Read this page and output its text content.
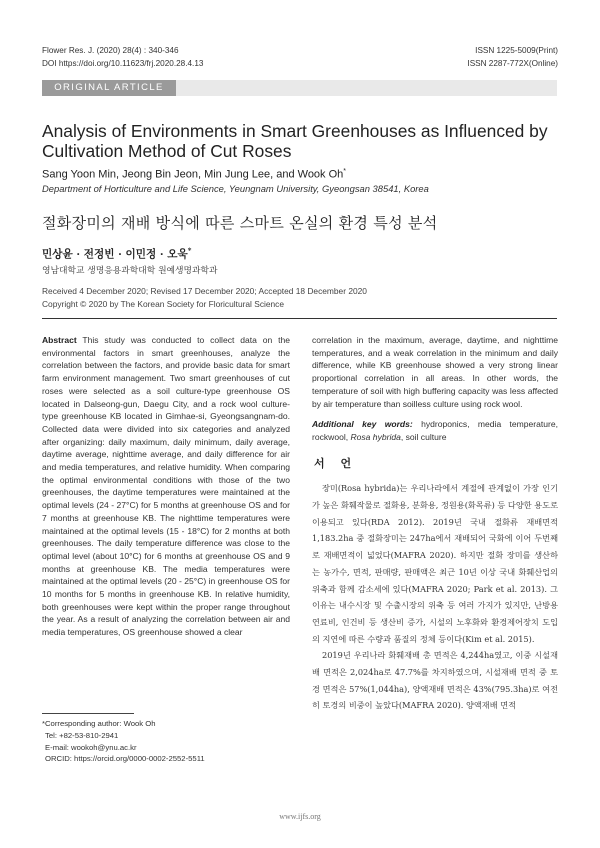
Flower Res. J. (2020) 28(4) : 340-346
DOI https://doi.org/10.11623/frj.2020.28.4.13
ISSN 1225-5009(Print)
ISSN 2287-772X(Online)
ORIGINAL ARTICLE
Analysis of Environments in Smart Greenhouses as Influenced by Cultivation Method of Cut Roses
Sang Yoon Min, Jeong Bin Jeon, Min Jung Lee, and Wook Oh*
Department of Horticulture and Life Science, Yeungnam University, Gyeongsan 38541, Korea
절화장미의 재배 방식에 따른 스마트 온실의 환경 특성 분석
민상윤 · 전정빈 · 이민정 · 오욱*
영남대학교 생명응용과학대학 원예생명과학과
Received 4 December 2020; Revised 17 December 2020; Accepted 18 December 2020
Copyright © 2020 by The Korean Society for Floricultural Science
Abstract This study was conducted to collect data on the environmental factors in smart greenhouses, analyze the correlation between the factors, and provide basic data for smart farm environment management. Two smart greenhouses of cut roses were selected as a soil culture-type greenhouse OS located in Dalseong-gun, Daegu City, and a rock wool culture-type greenhouse KB located in Gimhae-si, Gyeongsangnam-do. Collected data were divided into six categories and analyzed after organizing: daily maximum, daily minimum, daily average, daytime average, nighttime average, and daily difference for air and media temperatures, and relative humidity. When comparing the optimal environmental conditions with those of the two greenhouses, the daytime temperatures were maintained at the optimal levels (24 - 27°C) for 5 months at greenhouse OS and for 7 months at greenhouse KB. The nighttime temperatures were maintained at the optimal levels (15 - 18°C) for 2 months at both greenhouses. The daily temperature difference was close to the optimal level (about 10°C) for 6 months at greenhouse OS and 9 months at greenhouse KB. The media temperatures were maintained at the optimal levels (20 - 25°C) in greenhouse OS for 10 months for 5 months in greenhouse KB. In relative humidity, both greenhouses were kept within the proper range throughout the year. As a result of analyzing the correlation between air and media temperatures, OS greenhouse showed a clear
correlation in the maximum, average, daytime, and nighttime temperatures, and a weak correlation in the minimum and daily difference, while KB greenhouse showed a very strong linear proportional correlation in all areas. In other words, the temperature of soil with high buffering capacity was less affected by air temperature than soilless culture using rock wool.
Additional key words: hydroponics, media temperature, rockwool, Rosa hybrida, soil culture
서 언

장미(Rosa hybrida)는 우리나라에서 계절에 관계없이 가장 인기가 높은 화훼작물로 절화용, 분화용, 정원용(화목류) 등 다양한 용도로 이용되고 있다(RDA 2012). 2019년 국내 절화류 재배면적 1,183.2ha 중 절화장미는 247ha에서 재배되어 국화에 이어 두번째로 재배면적이 넓었다(MAFRA 2020). 하지만 절화 장미를 생산하는 농가수, 면적, 판매량, 판매액은 최근 10년 이상 국내 화훼산업의 위축과 함께 감소세에 있다(MAFRA 2020; Park et al. 2013). 그 이유는 내수시장 및 수출시장의 위축 등 여러 가지가 있지만, 난방용 연료비, 인건비 등 생산비 증가, 시설의 노후화와 환경제어장치 도입의 지연에 따른 수량과 품질의 정체 등이다(Kim et al. 2015).

2019년 우리나라 화훼재배 총 면적은 4,244ha였고, 이중 시설재배 면적은 2,024ha로 47.7%를 차지하였으며, 시설재배 면적 중 토경 면적은 57%(1,044ha), 양액재배 면적은 43%(795.3ha)로 여전히 토경의 비중이 높았다(MAFRA 2020). 양액재배 면적

*Corresponding author: Wook Oh
Tel: +82-53-810-2941
E-mail: wookoh@ynu.ac.kr
ORCID: https://orcid.org/0000-0002-2552-5511
www.ijfs.org
